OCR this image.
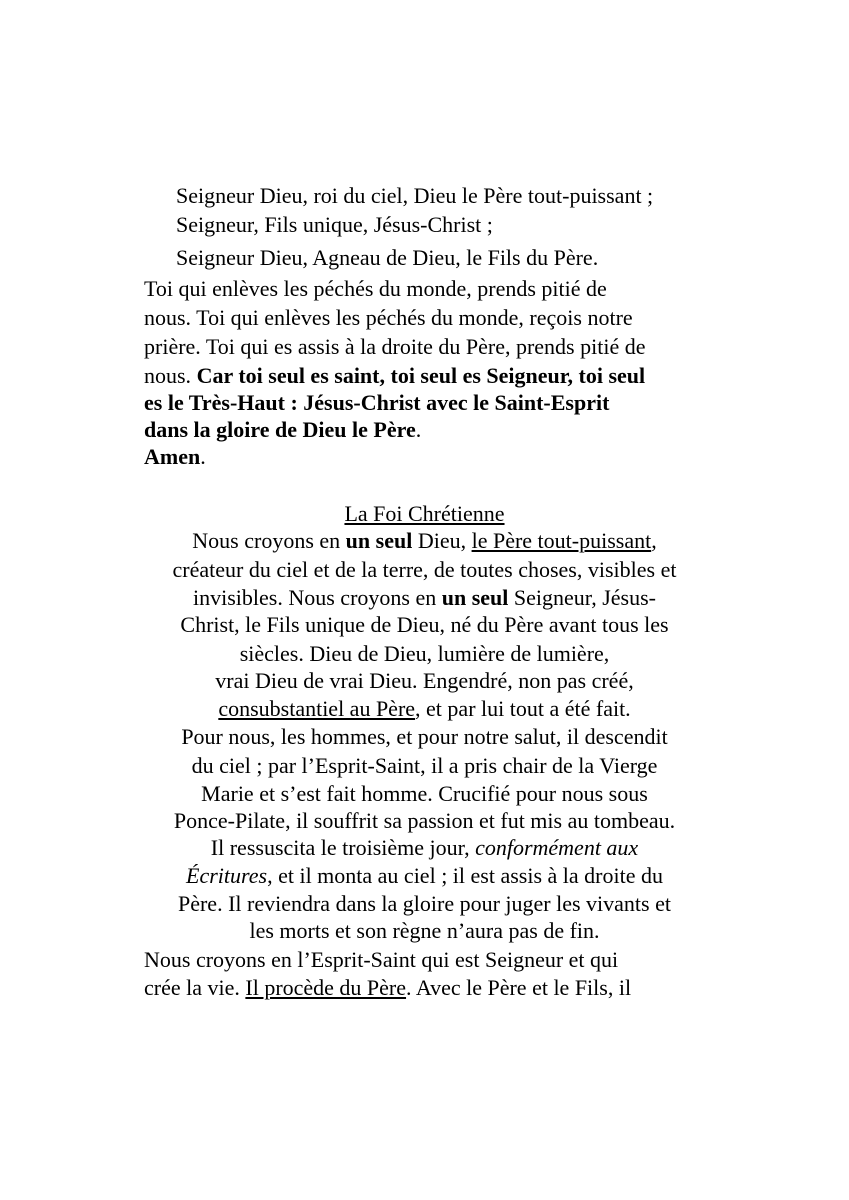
Seigneur Dieu, roi du ciel, Dieu le Père tout-puissant ;

Seigneur, Fils unique, Jésus-Christ ;

Seigneur Dieu, Agneau de Dieu, le Fils du Père.

Toi qui enlèves les péchés du monde, prends pitié de

nous. Toi qui enlèves les péchés du monde, reçois notre

prière. Toi qui es assis à la droite du Père, prends pitié de

nous. Car toi seul es saint, toi seul es Seigneur, toi seul

es le Très-Haut : Jésus-Christ avec le Saint-Esprit

dans la gloire de Dieu le Père.

Amen.

La Foi Chrétienne

Nous croyons en un seul Dieu, le Père tout-puissant,

créateur du ciel et de la terre, de toutes choses, visibles et

invisibles. Nous croyons en un seul Seigneur, Jésus-

Christ, le Fils unique de Dieu, né du Père avant tous les

siècles. Dieu de Dieu, lumière de lumière,

vrai Dieu de vrai Dieu. Engendré, non pas créé,

consubstantiel au Père, et par lui tout a été fait.

Pour nous, les hommes, et pour notre salut, il descendit

du ciel ; par l’Esprit-Saint, il a pris chair de la Vierge

Marie et s’est fait homme. Crucifié pour nous sous

Ponce-Pilate, il souffrit sa passion et fut mis au tombeau.

Il ressuscita le troisième jour, conformément aux

Écritures, et il monta au ciel ; il est assis à la droite du

Père. Il reviendra dans la gloire pour juger les vivants et

les morts et son règne n’aura pas de fin.

Nous croyons en l’Esprit-Saint qui est Seigneur et qui

crée la vie. Il procède du Père. Avec le Père et le Fils, il
